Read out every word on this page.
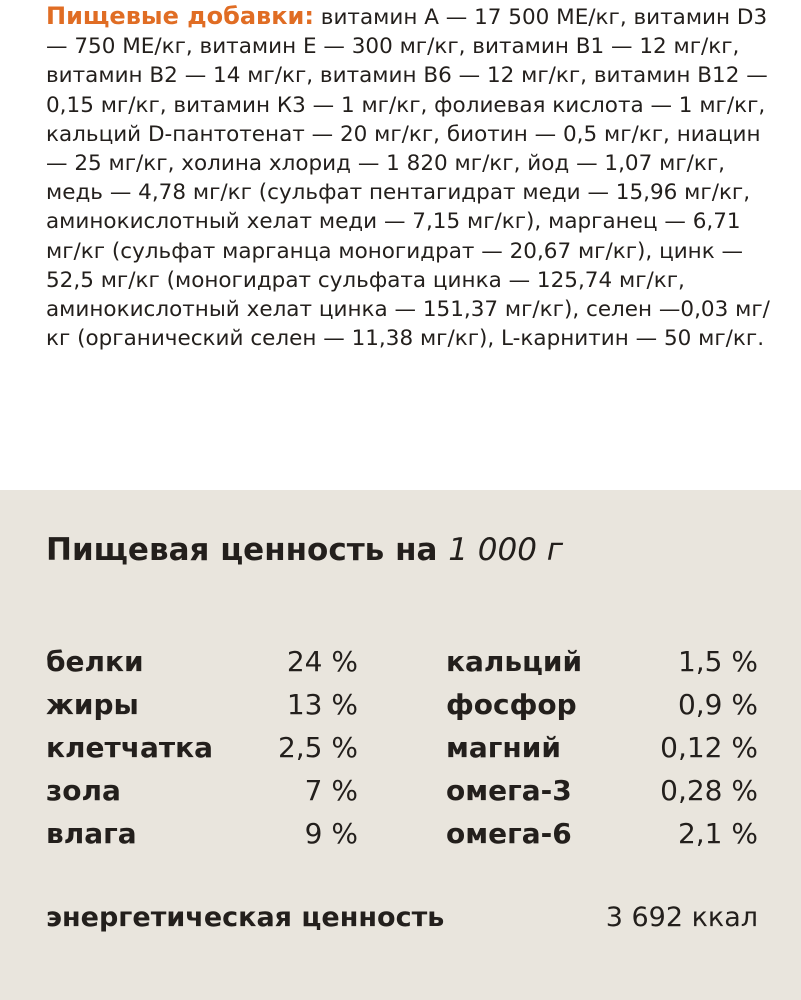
Пищевые добавки: витамин А — 17 500 МЕ/кг, витамин D3 — 750 МЕ/кг, витамин Е — 300 мг/кг, витамин В1 — 12 мг/кг, витамин В2 — 14 мг/кг, витамин В6 — 12 мг/кг, витамин В12 — 0,15 мг/кг, витамин К3 — 1 мг/кг, фолиевая кислота — 1 мг/кг, кальций D-пантотенат — 20 мг/кг, биотин — 0,5 мг/кг, ниацин — 25 мг/кг, холина хлорид — 1 820 мг/кг, йод — 1,07 мг/кг, медь — 4,78 мг/кг (сульфат пентагидрат меди — 15,96 мг/кг, аминокислотный хелат меди — 7,15 мг/кг), марганец — 6,71 мг/кг (сульфат марганца моногидрат — 20,67 мг/кг), цинк — 52,5 мг/кг (моногидрат сульфата цинка — 125,74 мг/кг, аминокислотный хелат цинка — 151,37 мг/кг), селен —0,03 мг/кг (органический селен — 11,38 мг/кг), L-карнитин — 50 мг/кг.

Пищевая ценность на 1 000 г
белки	24 %
жиры	13 %
клетчатка 2,5 %
зола	7 %
влага	9 %
кальций	1,5 %
фосфор	0,9 %
магний	0,12 %
омега-3	0,28 %
омега-6	2,1 %
энергетическая ценность	3 692 ккал
